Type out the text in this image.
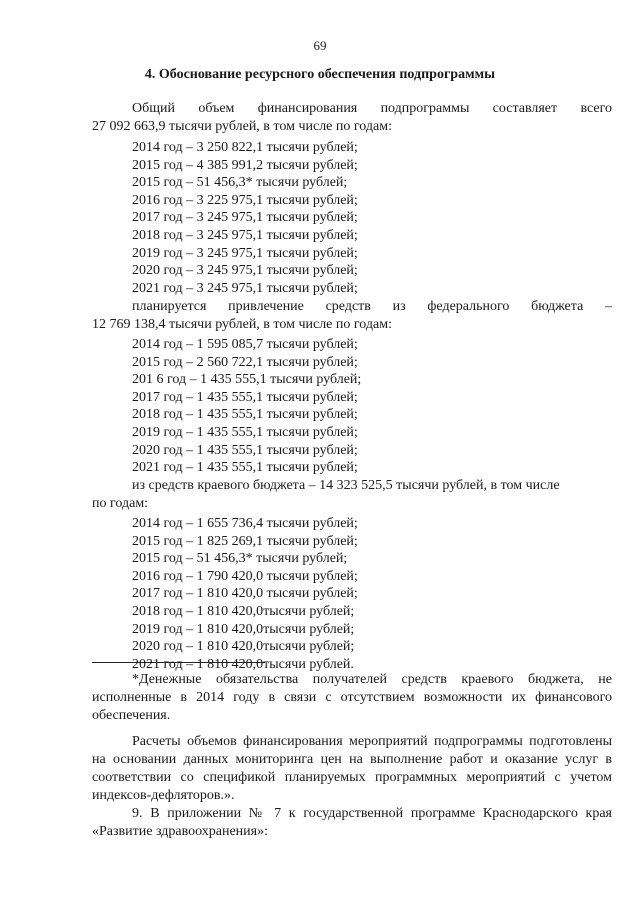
69
4. Обоснование ресурсного обеспечения подпрограммы
Общий объем финансирования подпрограммы составляет всего
27 092 663,9 тысячи рублей, в том числе по годам:
2014 год – 3 250 822,1 тысячи рублей;
2015 год – 4 385 991,2 тысячи рублей;
2015 год – 51 456,3* тысячи рублей;
2016 год – 3 225 975,1 тысячи рублей;
2017 год – 3 245 975,1 тысячи рублей;
2018 год – 3 245 975,1 тысячи рублей;
2019 год – 3 245 975,1 тысячи рублей;
2020 год – 3 245 975,1 тысячи рублей;
2021 год – 3 245 975,1 тысячи рублей;
планируется привлечение средств из федерального бюджета –
12 769 138,4 тысячи рублей, в том числе по годам:
2014 год – 1 595 085,7 тысячи рублей;
2015 год – 2 560 722,1 тысячи рублей;
201 6 год – 1 435 555,1 тысячи рублей;
2017 год – 1 435 555,1 тысячи рублей;
2018 год – 1 435 555,1 тысячи рублей;
2019 год – 1 435 555,1 тысячи рублей;
2020 год – 1 435 555,1 тысячи рублей;
2021 год – 1 435 555,1 тысячи рублей;
из средств краевого бюджета – 14 323 525,5 тысячи рублей, в том числе
по годам:
2014 год – 1 655 736,4 тысячи рублей;
2015 год – 1 825 269,1 тысячи рублей;
2015 год – 51 456,3* тысячи рублей;
2016 год – 1 790 420,0 тысячи рублей;
2017 год – 1 810 420,0 тысячи рублей;
2018 год – 1 810 420,0тысячи рублей;
2019 год – 1 810 420,0тысячи рублей;
2020 год – 1 810 420,0тысячи рублей;
2021 год – 1 810 420,0тысячи рублей.
*Денежные обязательства получателей средств краевого бюджета, не исполненные в 2014 году в связи с отсутствием возможности их финансового обеспечения.
Расчеты объемов финансирования мероприятий подпрограммы подготовлены на основании данных мониторинга цен на выполнение работ и оказание услуг в соответствии со спецификой планируемых программных мероприятий с учетом индексов-дефляторов.».
9. В приложении № 7 к государственной программе Краснодарского края «Развитие здравоохранения»:
